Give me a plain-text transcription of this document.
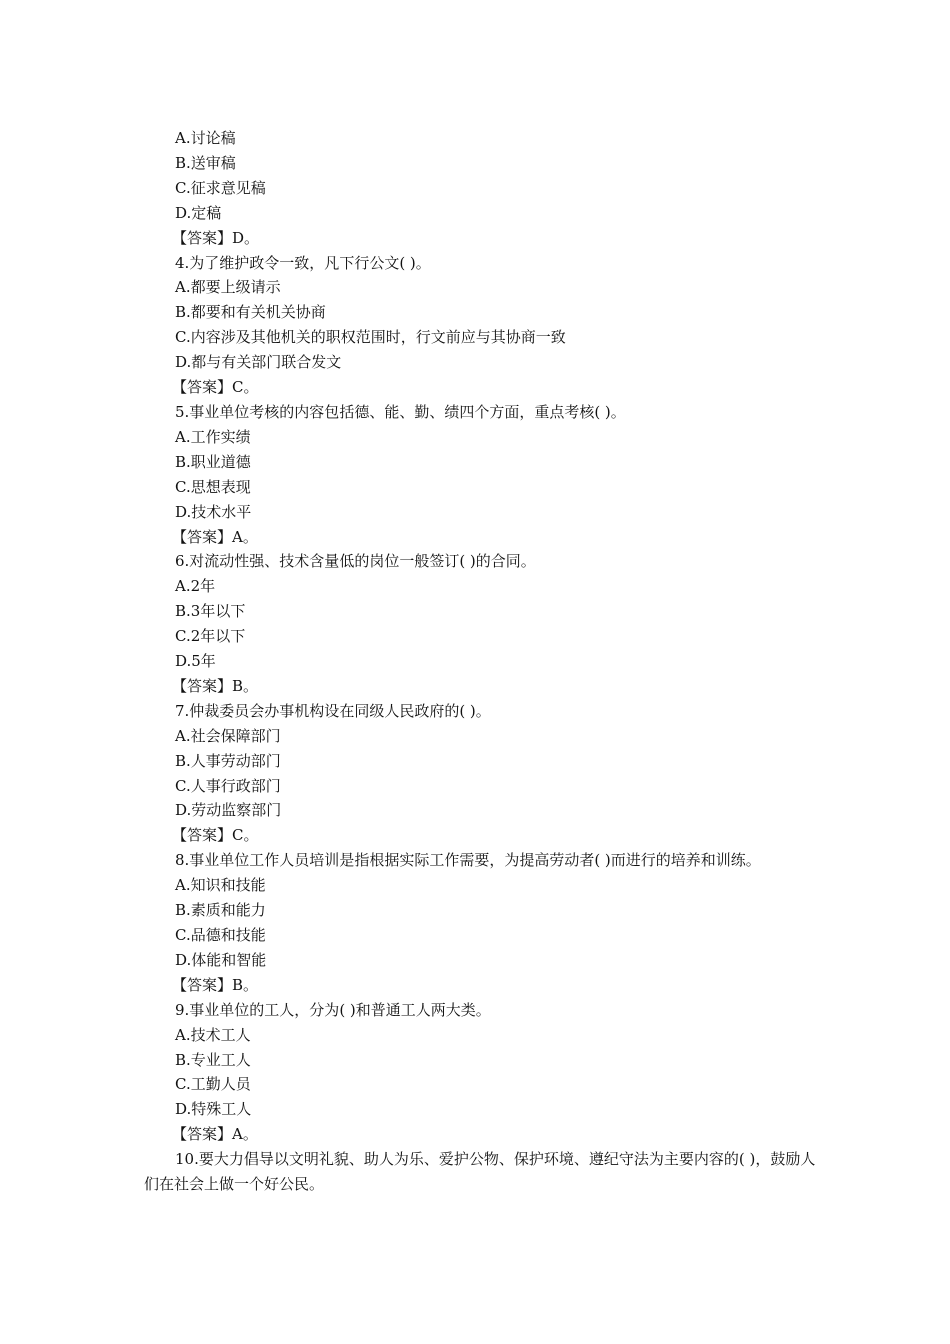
A.讨论稿
B.送审稿
C.征求意见稿
D.定稿
【答案】D。
4.为了维护政令一致，凡下行公文( )。
A.都要上级请示
B.都要和有关机关协商
C.内容涉及其他机关的职权范围时，行文前应与其协商一致
D.都与有关部门联合发文
【答案】C。
5.事业单位考核的内容包括德、能、勤、绩四个方面，重点考核( )。
A.工作实绩
B.职业道德
C.思想表现
D.技术水平
【答案】A。
6.对流动性强、技术含量低的岗位一般签订( )的合同。
A.2年
B.3年以下
C.2年以下
D.5年
【答案】B。
7.仲裁委员会办事机构设在同级人民政府的( )。
A.社会保障部门
B.人事劳动部门
C.人事行政部门
D.劳动监察部门
【答案】C。
8.事业单位工作人员培训是指根据实际工作需要，为提高劳动者( )而进行的培养和训练。
A.知识和技能
B.素质和能力
C.品德和技能
D.体能和智能
【答案】B。
9.事业单位的工人，分为( )和普通工人两大类。
A.技术工人
B.专业工人
C.工勤人员
D.特殊工人
【答案】A。
10.要大力倡导以文明礼貌、助人为乐、爱护公物、保护环境、遵纪守法为主要内容的( )，鼓励人们在社会上做一个好公民。
